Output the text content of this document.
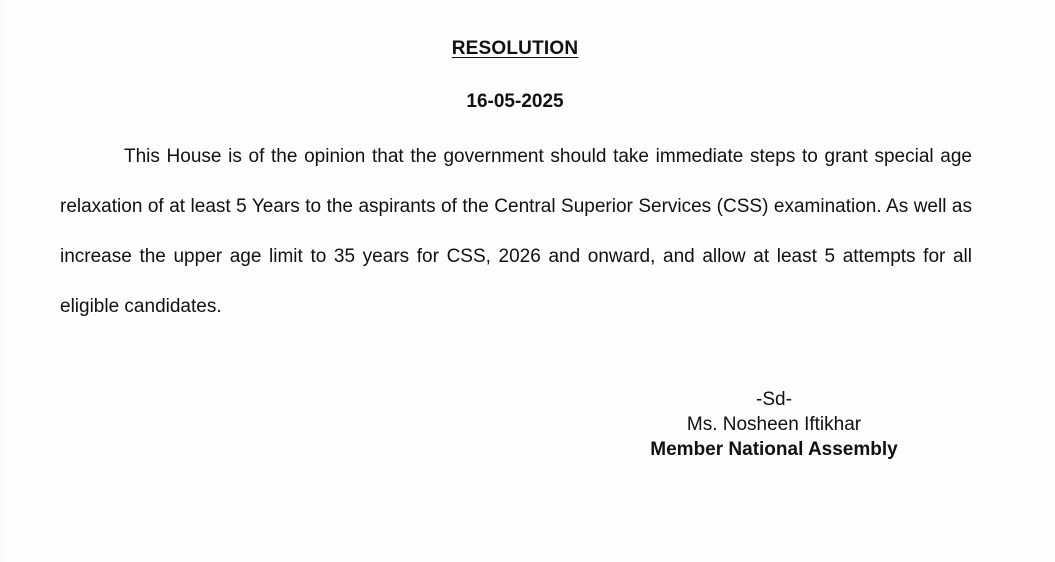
RESOLUTION
16-05-2025

This House is of the opinion that the government should take immediate steps to grant special age relaxation of at least 5 Years to the aspirants of the Central Superior Services (CSS) examination. As well as increase the upper age limit to 35 years for CSS, 2026 and onward, and allow at least 5 attempts for all eligible candidates.

-Sd-
Ms. Nosheen Iftikhar
Member National Assembly
